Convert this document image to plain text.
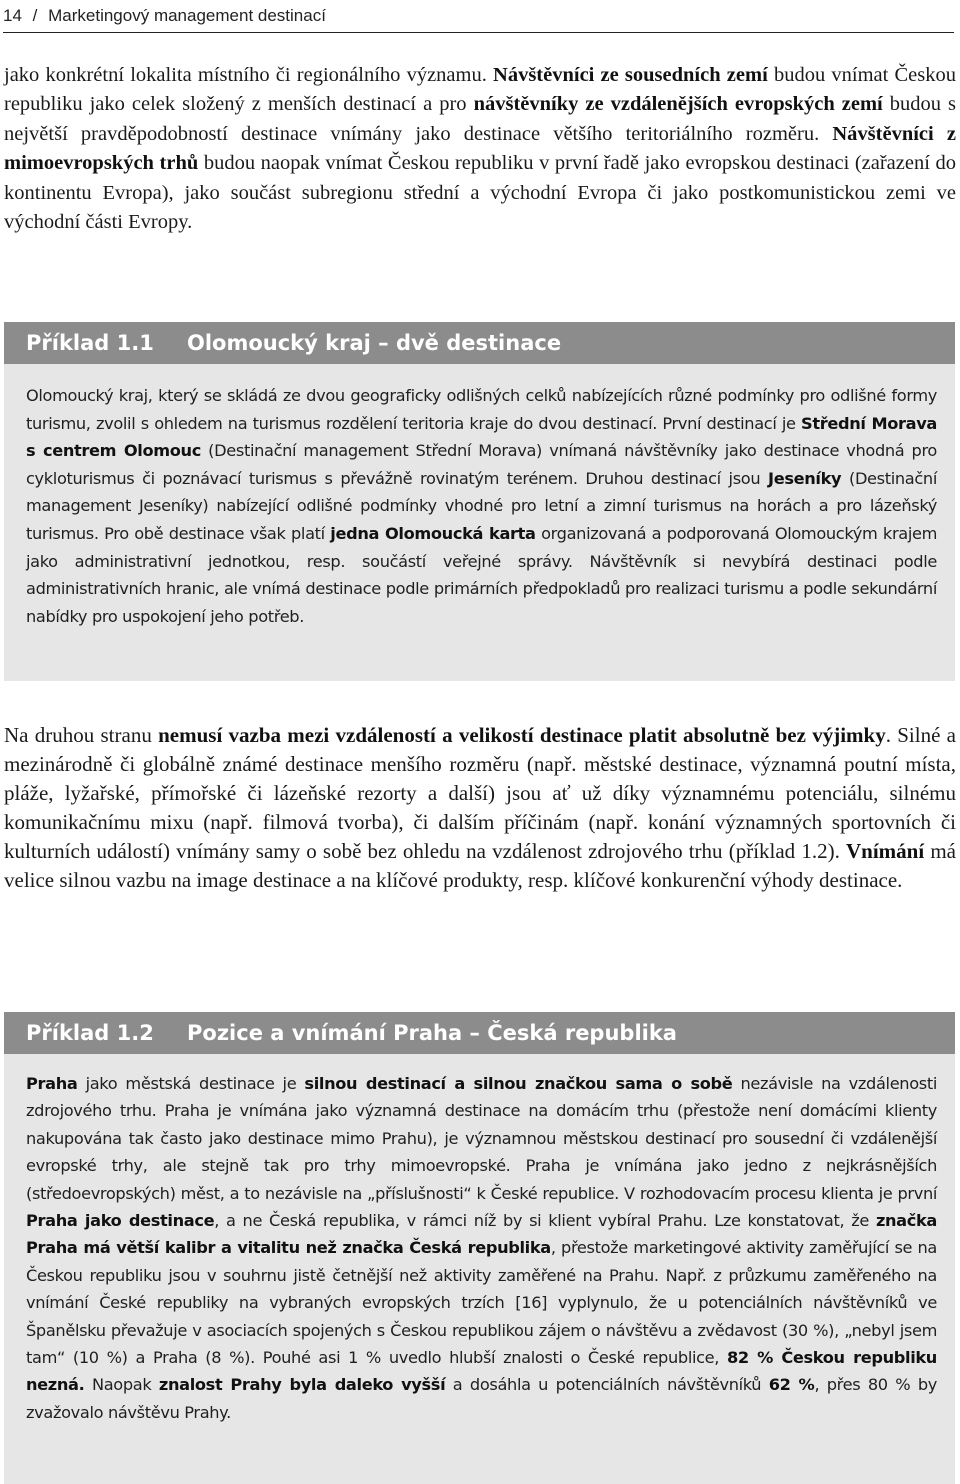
14 / Marketingový management destinací
jako konkrétní lokalita místního či regionálního významu. Návštěvníci ze sousedních zemí budou vnímat Českou republiku jako celek složený z menších destinací a pro návštěvníky ze vzdálenějších evropských zemí budou s největší pravděpodobností destinace vnímány jako destinace většího teritoriálního rozměru. Návštěvníci z mimoevropských trhů budou naopak vnímat Českou republiku v první řadě jako evropskou destinaci (zařazení do kontinentu Evropa), jako součást subregionu střední a východní Evropa či jako postkomunistickou zemi ve východní části Evropy.
Příklad 1.1 Olomoucký kraj – dvě destinace

Olomoucký kraj, který se skládá ze dvou geograficky odlišných celků nabízejících různé podmínky pro odlišné formy turismu, zvolil s ohledem na turismus rozdělení teritoria kraje do dvou destinací. První destinací je Střední Morava s centrem Olomouc (Destinační management Střední Morava) vnímaná návštěvníky jako destinace vhodná pro cykloturismus či poznávací turismus s převážně rovinatým terénem. Druhou destinací jsou Jeseníky (Destinační management Jeseníky) nabízející odlišné podmínky vhodné pro letní a zimní turismus na horách a pro lázeňský turismus. Pro obě destinace však platí jedna Olomoucká karta organizovaná a podporovaná Olomouckým krajem jako administrativní jednotkou, resp. součástí veřejné správy. Návštěvník si nevybírá destinaci podle administrativních hranic, ale vnímá destinace podle primárních předpokladů pro realizaci turismu a podle sekundární nabídky pro uspokojení jeho potřeb.

Na druhou stranu nemusí vazba mezi vzdáleností a velikostí destinace platit absolutně bez výjimky. Silné a mezinárodně či globálně známé destinace menšího rozměru (např. městské destinace, významná poutní místa, pláže, lyžařské, přímořské či lázeňské rezorty a další) jsou ať už díky významnému potenciálu, silnému komunikačnímu mixu (např. filmová tvorba), či dalším příčinám (např. konání významných sportovních či kulturních událostí) vnímány samy o sobě bez ohledu na vzdálenost zdrojového trhu (příklad 1.2). Vnímání má velice silnou vazbu na image destinace a na klíčové produkty, resp. klíčové konkurenční výhody destinace.
Příklad 1.2 Pozice a vnímání Praha – Česká republika

Praha jako městská destinace je silnou destinací a silnou značkou sama o sobě nezávisle na vzdálenosti zdrojového trhu. Praha je vnímána jako významná destinace na domácím trhu (přestože není domácími klienty nakupována tak často jako destinace mimo Prahu), je významnou městskou destinací pro sousední či vzdálenější evropské trhy, ale stejně tak pro trhy mimoevropské. Praha je vnímána jako jedno z nejkrásnějších (středoevropských) měst, a to nezávisle na „příslušnosti“ k České republice. V rozhodovacím procesu klienta je první Praha jako destinace, a ne Česká republika, v rámci níž by si klient vybíral Prahu. Lze konstatovat, že značka Praha má větší kalibr a vitalitu než značka Česká republika, přestože marketingové aktivity zaměřující se na Českou republiku jsou v souhrnu jistě četnější než aktivity zaměřené na Prahu. Např. z průzkumu zaměřeného na vnímání České republiky na vybraných evropských trzích [16] vyplynulo, že u potenciálních návštěvníků ve Španělsku převažuje v asociacích spojených s Českou republikou zájem o návštěvu a zvědavost (30 %), „nebyl jsem tam“ (10 %) a Praha (8 %). Pouhé asi 1 % uvedlo hlubší znalosti o České republice, 82 % Českou republiku nezná. Naopak znalost Prahy byla daleko vyšší a dosáhla u potenciálních návštěvníků 62 %, přes 80 % by zvažovalo návštěvu Prahy.
